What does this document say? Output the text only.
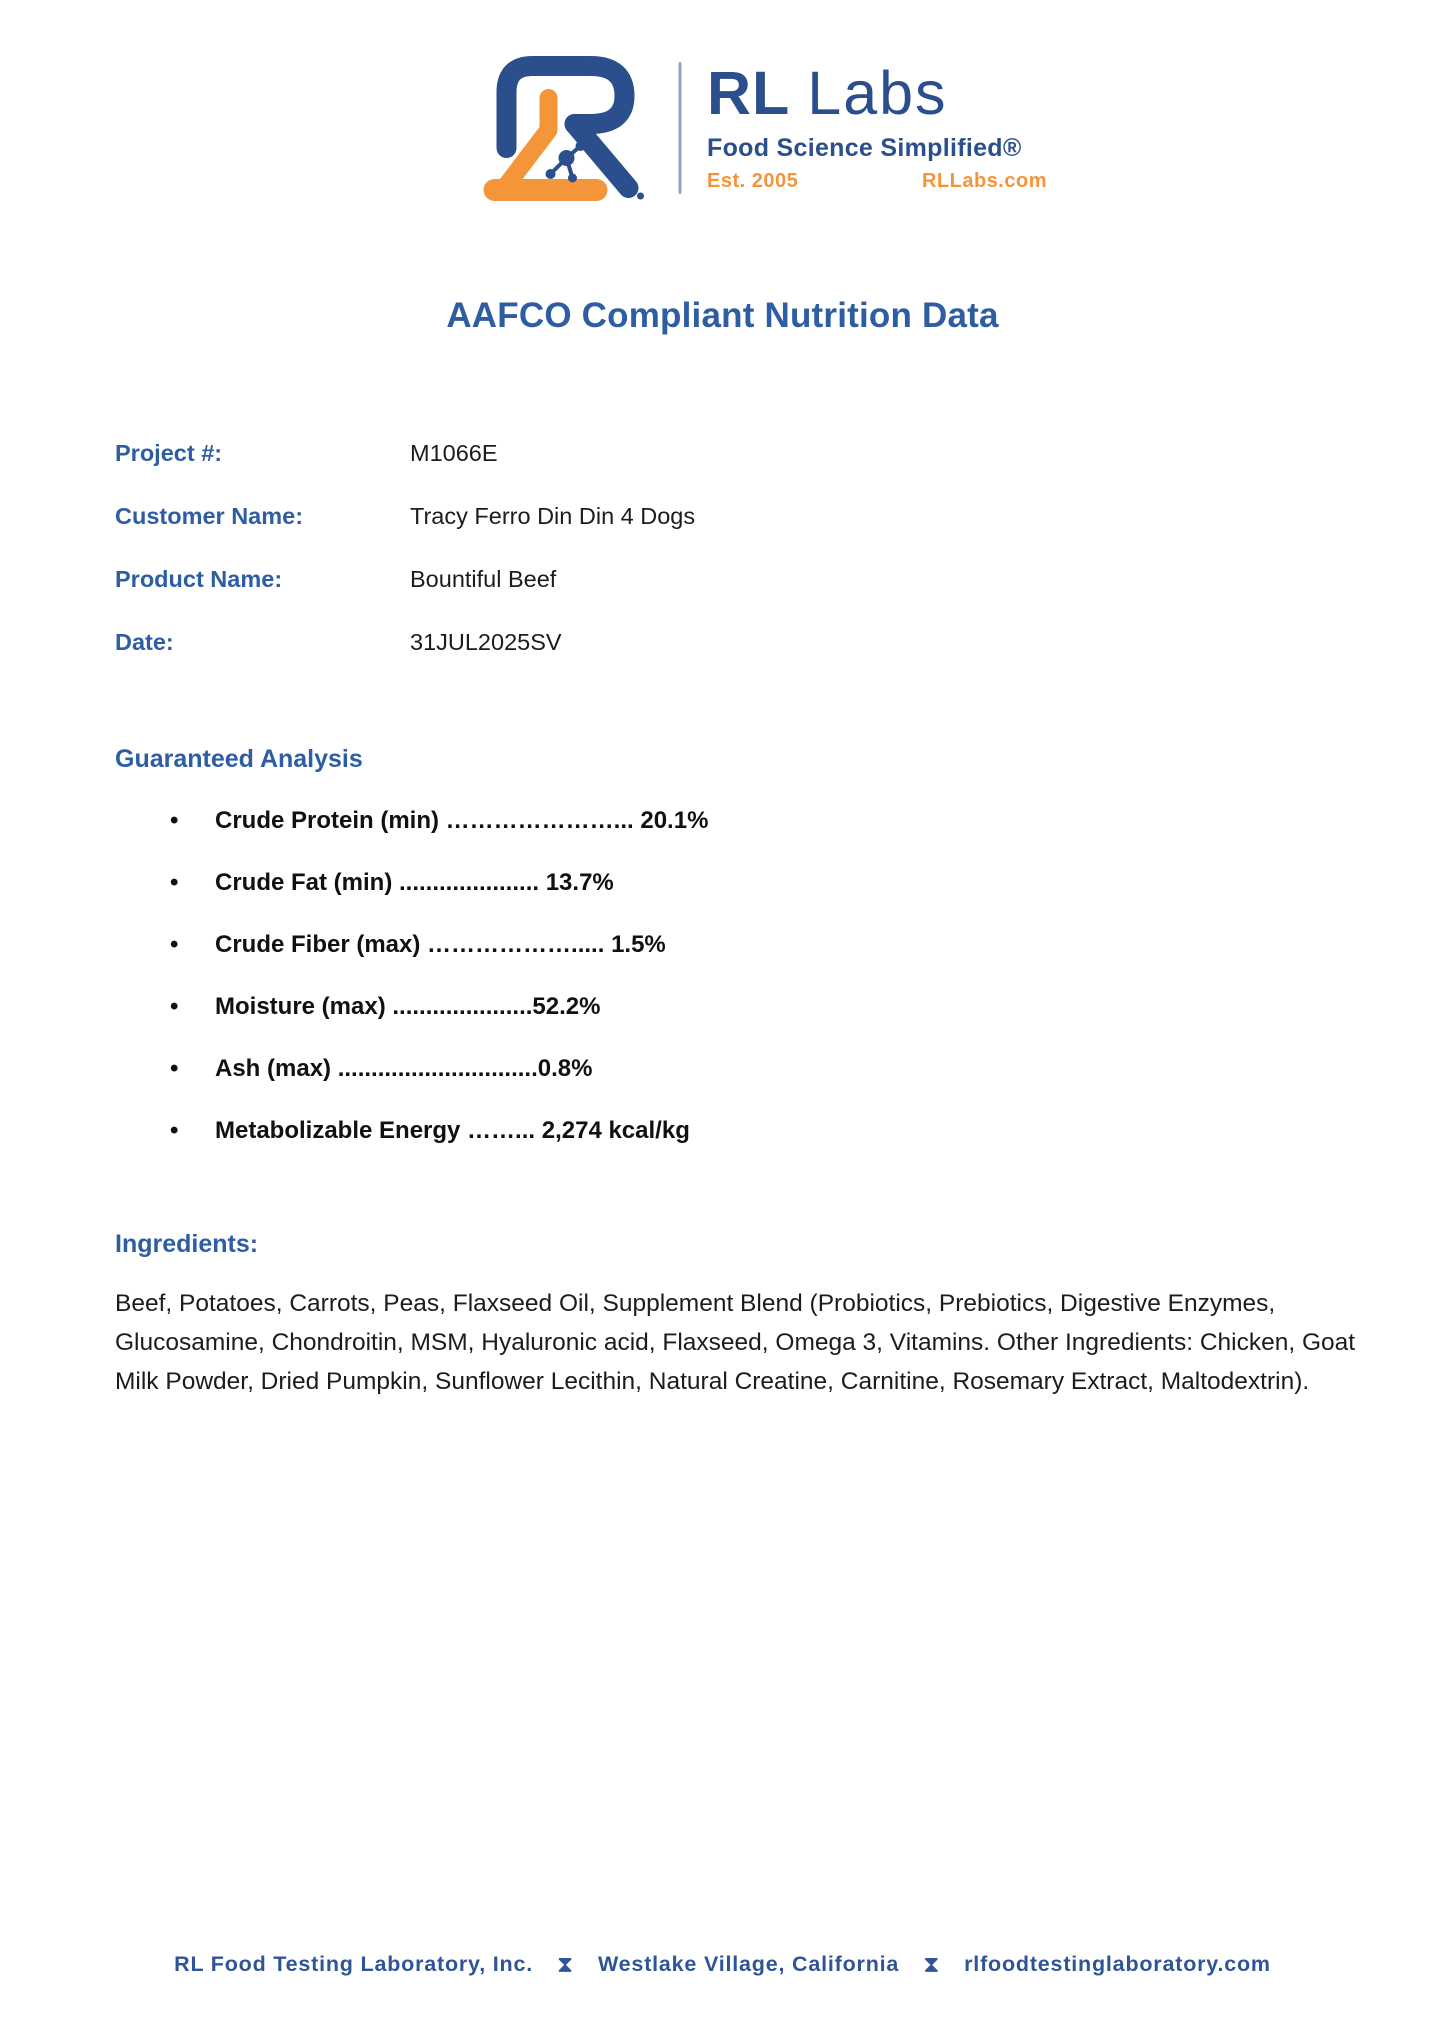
RL Labs
Food Science Simplified®
Est. 2005	RLLabs.com
AAFCO Compliant Nutrition Data
Project #:	M1066E
Customer Name:	Tracy Ferro Din Din 4 Dogs
Product Name:	Bountiful Beef
Date:	31JUL2025SV
Guaranteed Analysis
• Crude Protein (min) …………………... 20.1%
• Crude Fat (min) ..................... 13.7%
• Crude Fiber (max) ………………..... 1.5%
• Moisture (max) .....................52.2%
• Ash (max) ..............................0.8%
• Metabolizable Energy ……... 2,274 kcal/kg
Ingredients:

Beef, Potatoes, Carrots, Peas, Flaxseed Oil, Supplement Blend (Probiotics, Prebiotics, Digestive Enzymes, Glucosamine, Chondroitin, MSM, Hyaluronic acid, Flaxseed, Omega 3, Vitamins. Other Ingredients: Chicken, Goat Milk Powder, Dried Pumpkin, Sunflower Lecithin, Natural Creatine, Carnitine, Rosemary Extract, Maltodextrin).

RL Food Testing Laboratory, Inc. ⧗ Westlake Village, California ⧗ rlfoodtestinglaboratory.com
